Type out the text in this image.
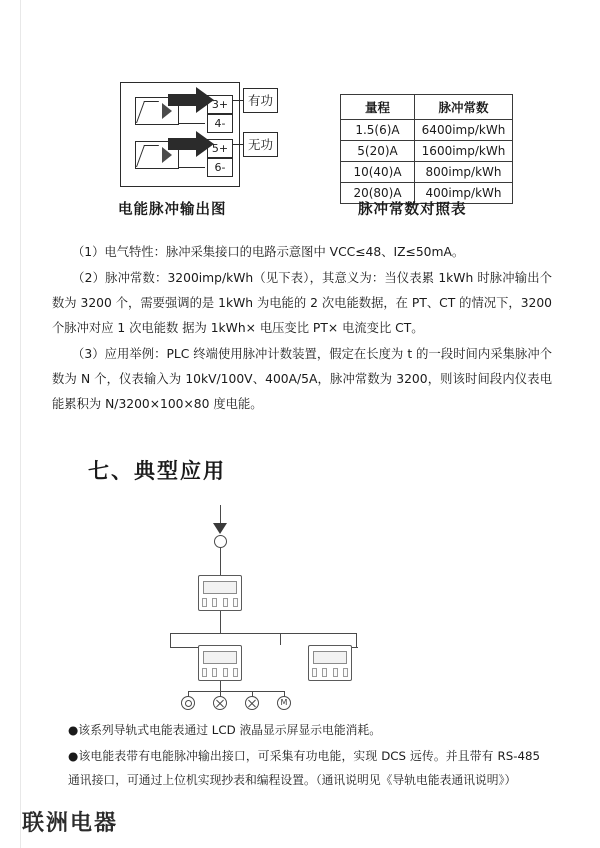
3+
4-
5+
6-
有功
无功
电能脉冲输出图
量程	脉冲常数
1.5(6)A	6400imp/kWh
5(20)A	1600imp/kWh
10(40)A	800imp/kWh
20(80)A	400imp/kWh
脉冲常数对照表

（1）电气特性：脉冲采集接口的电路示意图中 VCC≤48、IZ≤50mA。

（2）脉冲常数：3200imp/kWh（见下表），其意义为：当仪表累 1kWh 时脉冲输出个数为 3200 个，需要强调的是 1kWh 为电能的 2 次电能数据，在 PT、CT 的情况下，3200 个脉冲对应 1 次电能数 据为 1kWh× 电压变比 PT× 电流变比 CT。

（3）应用举例：PLC 终端使用脉冲计数装置，假定在长度为 t 的一段时间内采集脉冲个数为 N 个，仪表输入为 10kV/100V、400A/5A，脉冲常数为 3200，则该时间段内仪表电能累积为 N/3200×100×80 度电能。

七、典型应用
M
●该系列导轨式电能表通过 LCD 液晶显示屏显示电能消耗。
●该电能表带有电能脉冲输出接口，可采集有功电能，实现 DCS 远传。并且带有 RS-485 通讯接口，可通过上位机实现抄表和编程设置。（通讯说明见《导轨电能表通讯说明》）
联洲电器
